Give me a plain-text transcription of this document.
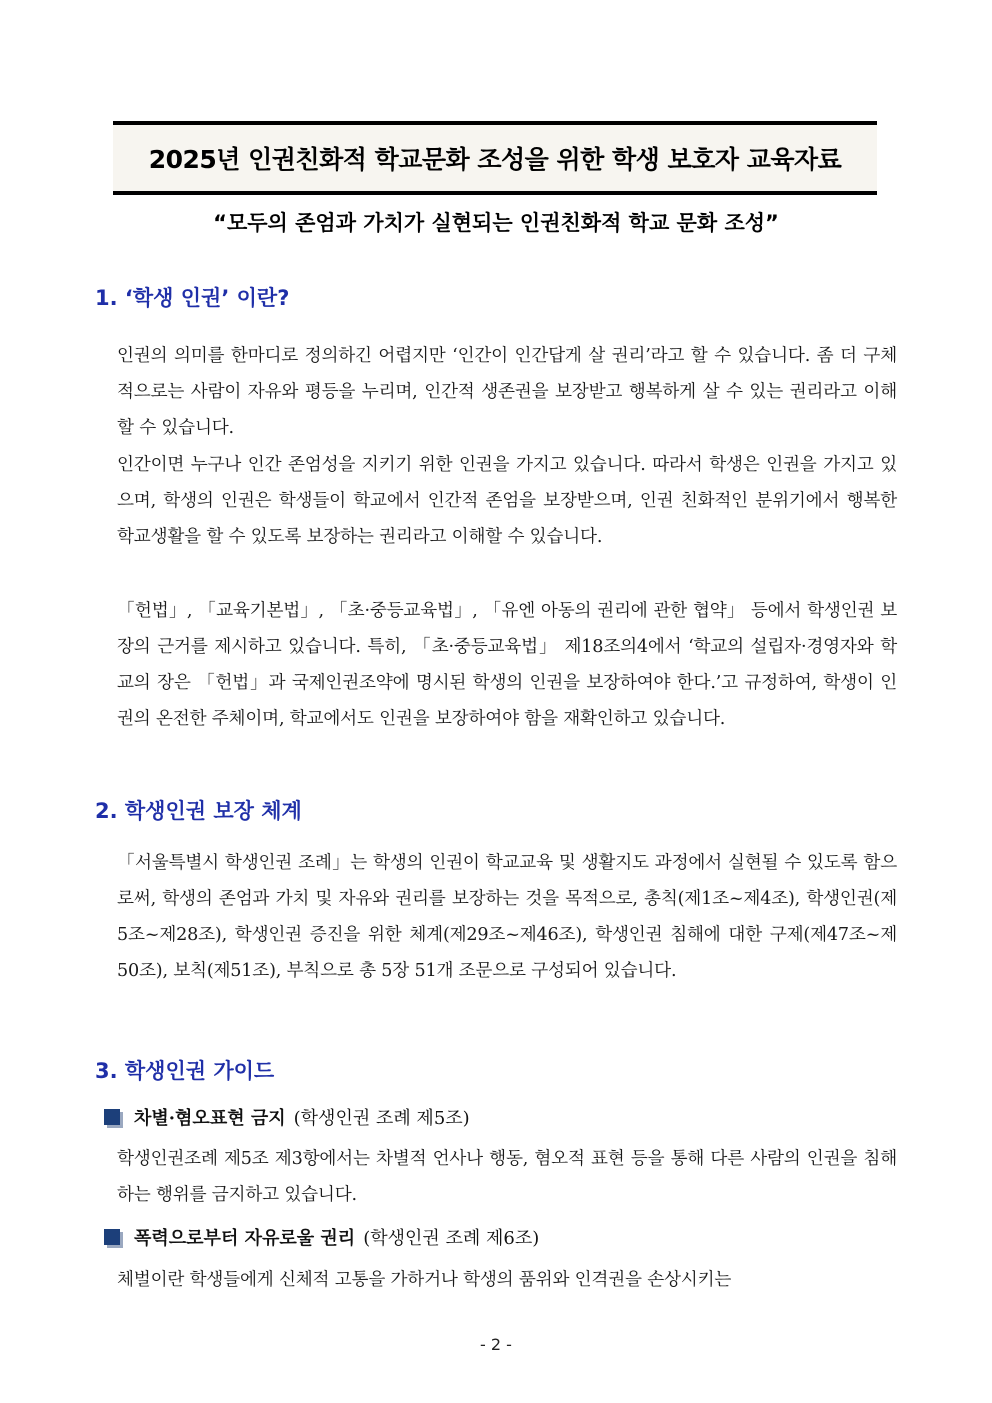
2025년 인권친화적 학교문화 조성을 위한 학생 보호자 교육자료
“모두의 존엄과 가치가 실현되는 인권친화적 학교 문화 조성”
1. ‘학생 인권’ 이란?

인권의 의미를 한마디로 정의하긴 어렵지만 ‘인간이 인간답게 살 권리’라고 할 수 있습니다. 좀 더 구체적으로는 사람이 자유와 평등을 누리며, 인간적 생존권을 보장받고 행복하게 살 수 있는 권리라고 이해할 수 있습니다.

인간이면 누구나 인간 존엄성을 지키기 위한 인권을 가지고 있습니다. 따라서 학생은 인권을 가지고 있으며, 학생의 인권은 학생들이 학교에서 인간적 존엄을 보장받으며, 인권 친화적인 분위기에서 행복한 학교생활을 할 수 있도록 보장하는 권리라고 이해할 수 있습니다.

「헌법」, 「교육기본법」, 「초·중등교육법」, 「유엔 아동의 권리에 관한 협약」 등에서 학생인권 보장의 근거를 제시하고 있습니다. 특히, 「초·중등교육법」 제18조의4에서 ‘학교의 설립자·경영자와 학교의 장은 「헌법」과 국제인권조약에 명시된 학생의 인권을 보장하여야 한다.’고 규정하여, 학생이 인권의 온전한 주체이며, 학교에서도 인권을 보장하여야 함을 재확인하고 있습니다.

2. 학생인권 보장 체계

「서울특별시 학생인권 조례」는 학생의 인권이 학교교육 및 생활지도 과정에서 실현될 수 있도록 함으로써, 학생의 존엄과 가치 및 자유와 권리를 보장하는 것을 목적으로, 총칙(제1조~제4조), 학생인권(제5조~제28조), 학생인권 증진을 위한 체계(제29조~제46조), 학생인권 침해에 대한 구제(제47조~제50조), 보칙(제51조), 부칙으로 총 5장 51개 조문으로 구성되어 있습니다.

3. 학생인권 가이드
차별·혐오표현 금지 (학생인권 조례 제5조)

학생인권조례 제5조 제3항에서는 차별적 언사나 행동, 혐오적 표현 등을 통해 다른 사람의 인권을 침해하는 행위를 금지하고 있습니다.

폭력으로부터 자유로울 권리 (학생인권 조례 제6조)

체벌이란 학생들에게 신체적 고통을 가하거나 학생의 품위와 인격권을 손상시키는

- 2 -
